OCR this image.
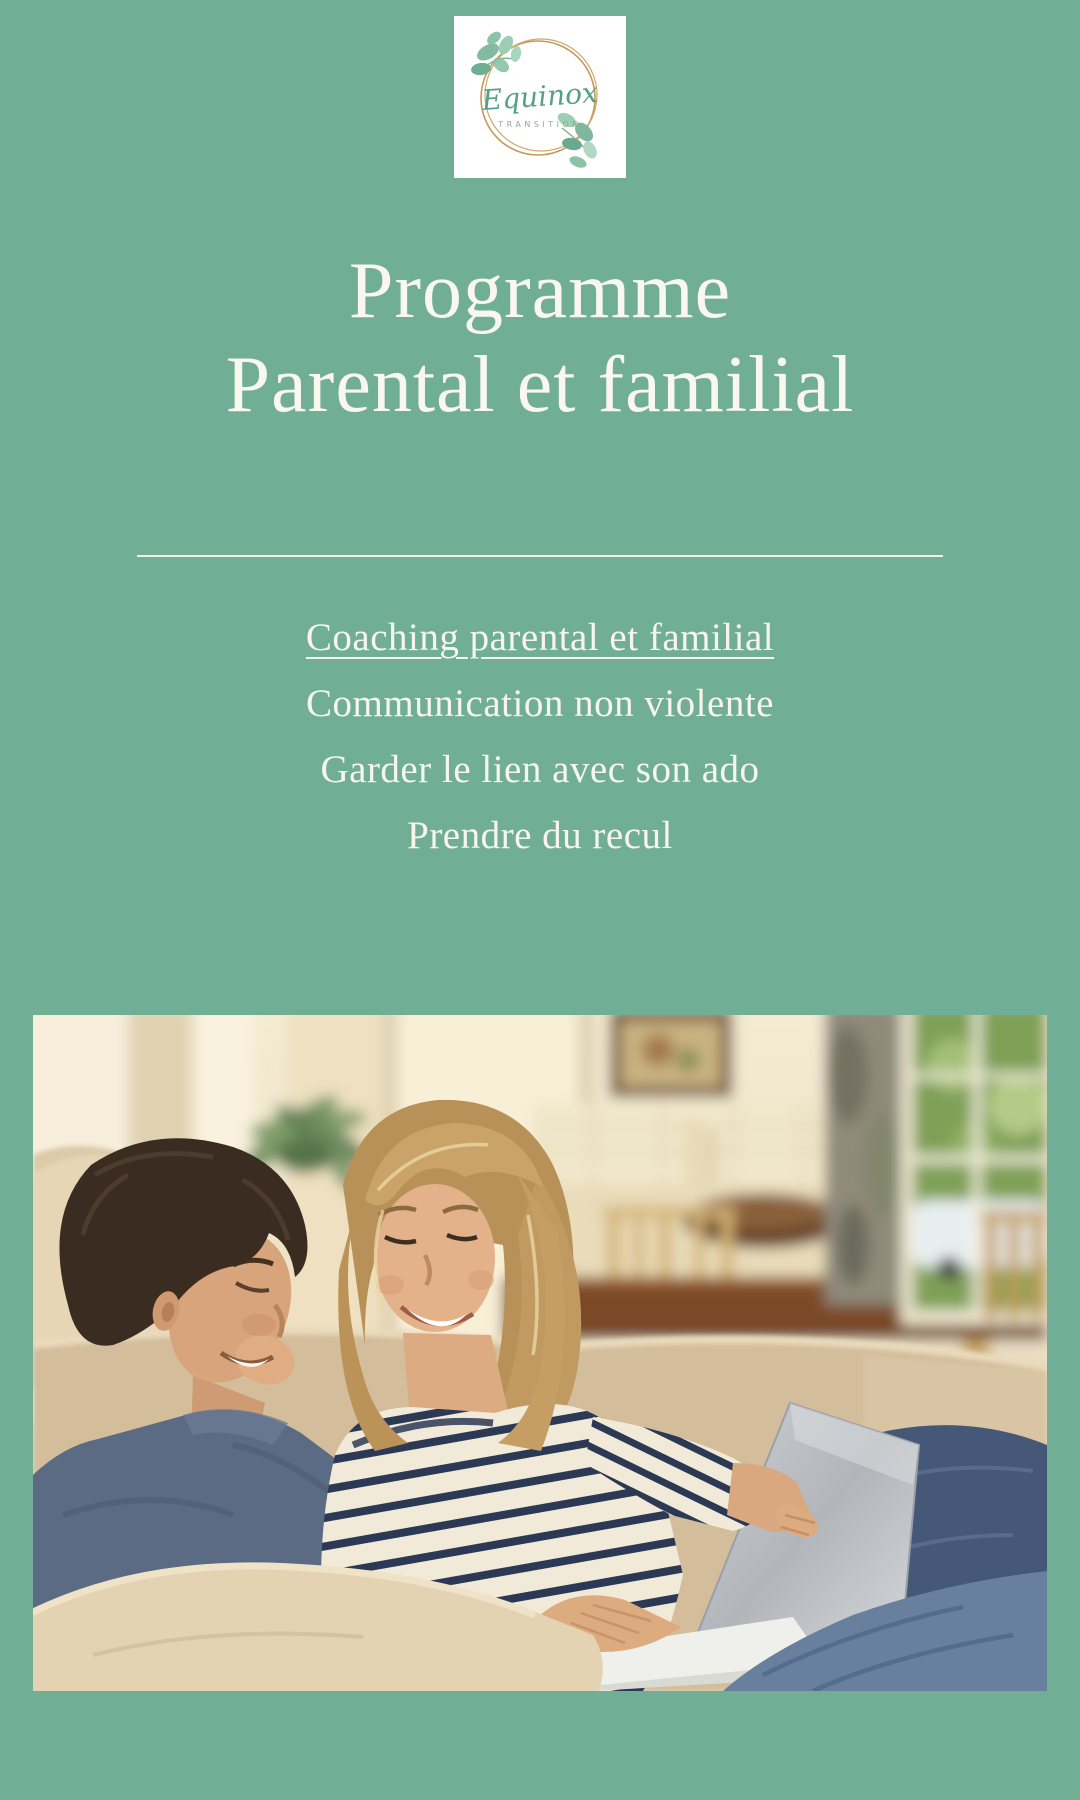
Equinox
TRANSITION
Programme
Parental et familial
Coaching parental et familial
Communication non violente
Garder le lien avec son ado
Prendre du recul
